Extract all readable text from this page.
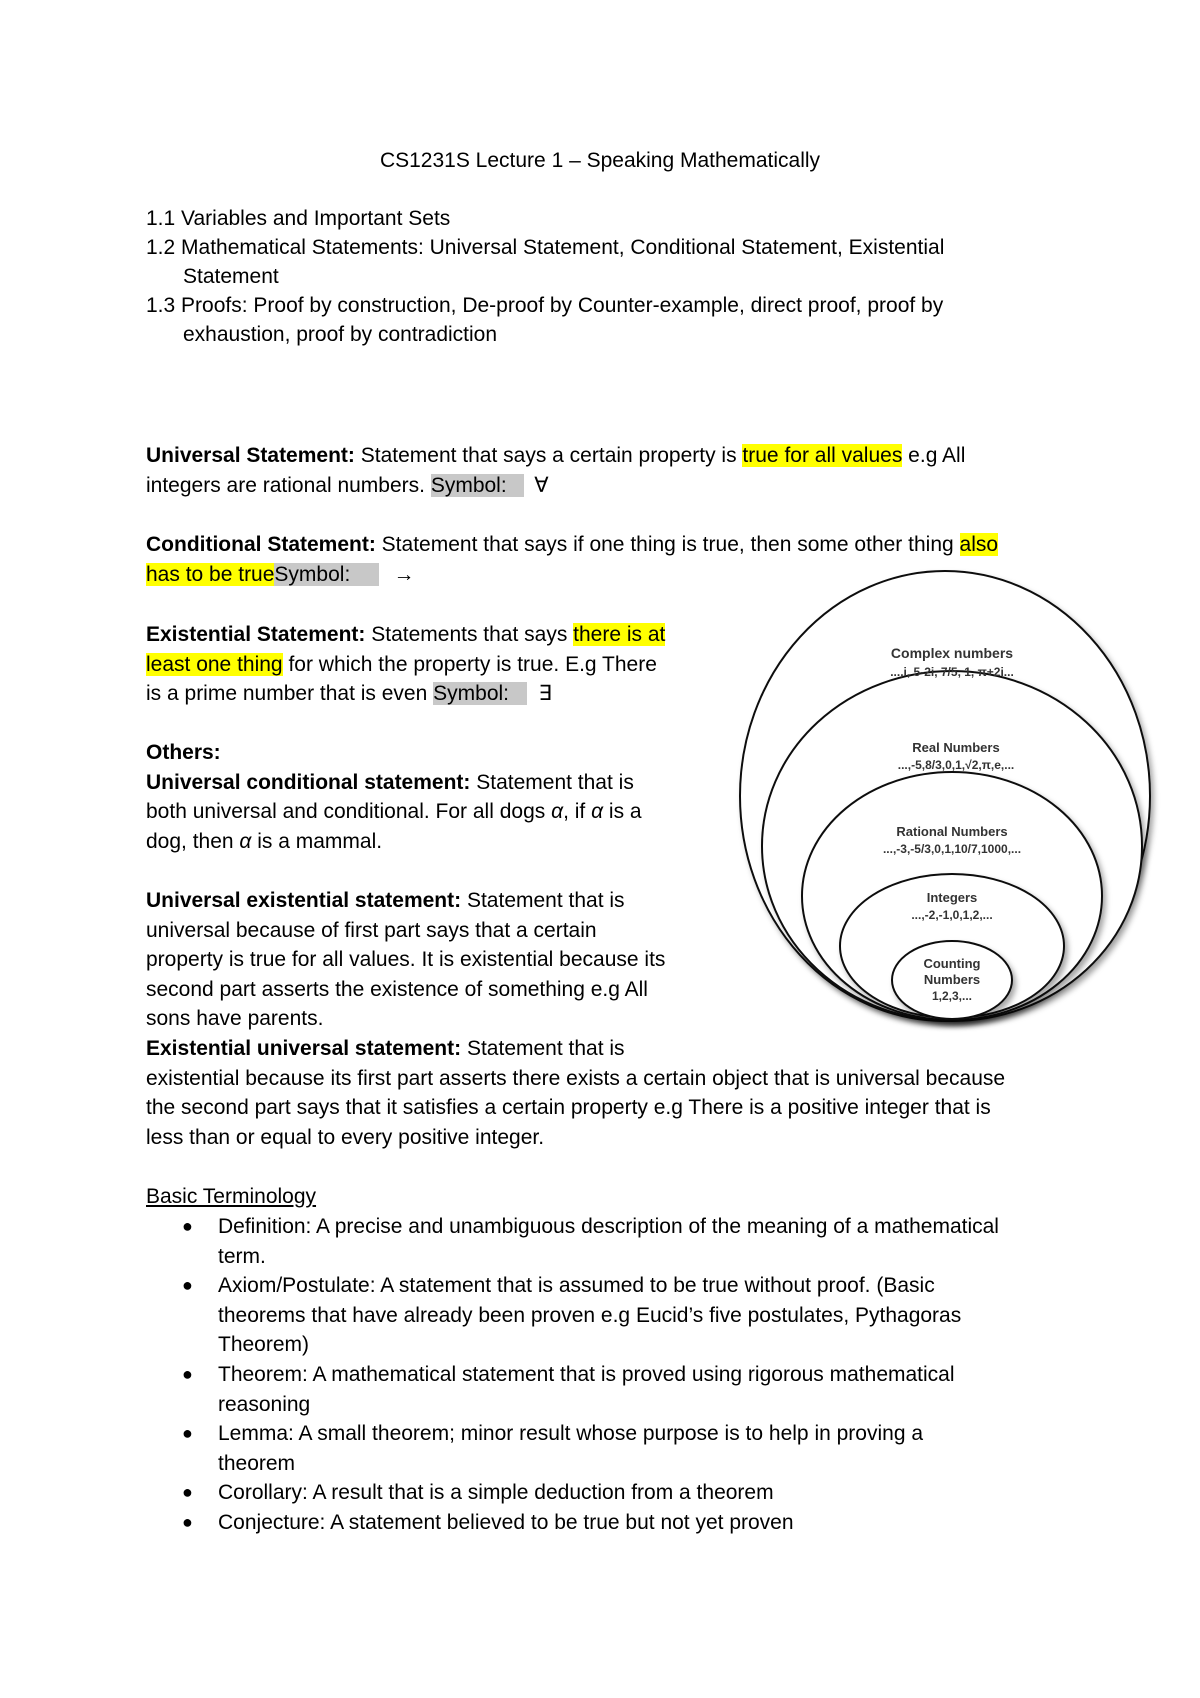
CS1231S Lecture 1 – Speaking Mathematically
1.1 Variables and Important Sets
1.2 Mathematical Statements: Universal Statement, Conditional Statement, Existential
Statement
1.3 Proofs: Proof by construction, De-proof by Counter-example, direct proof, proof by
exhaustion, proof by contradiction
Universal Statement: Statement that says a certain property is true for all values e.g All
integers are rational numbers. Symbol: ∀
Conditional Statement: Statement that says if one thing is true, then some other thing also
has to be trueSymbol: →
Existential Statement: Statements that says there is at
least one thing for which the property is true. E.g There
is a prime number that is even Symbol: ∃
Others:
Universal conditional statement: Statement that is
both universal and conditional. For all dogs α, if α is a
dog, then α is a mammal.

Universal existential statement: Statement that is
universal because of first part says that a certain
property is true for all values. It is existential because its
second part asserts the existence of something e.g All
sons have parents.
Existential universal statement: Statement that is
existential because its first part asserts there exists a certain object that is universal because
the second part says that it satisfies a certain property e.g There is a positive integer that is
less than or equal to every positive integer.
Basic Terminology
● Definition: A precise and unambiguous description of the meaning of a mathematical
term.
● Axiom/Postulate: A statement that is assumed to be true without proof. (Basic
theorems that have already been proven e.g Eucid’s five postulates, Pythagoras
Theorem)
● Theorem: A mathematical statement that is proved using rigorous mathematical
reasoning
● Lemma: A small theorem; minor result whose purpose is to help in proving a
theorem
● Corollary: A result that is a simple deduction from a theorem
● Conjecture: A statement believed to be true but not yet proven
Complex numbers
...,i, 5-2i, 7/5, 1, π+2i...
Real Numbers
...,-5,8/3,0,1,√2,π,e,...
Rational Numbers
...,-3,-5/3,0,1,10/7,1000,...
Integers
...,-2,-1,0,1,2,...
Counting
Numbers
1,2,3,...
